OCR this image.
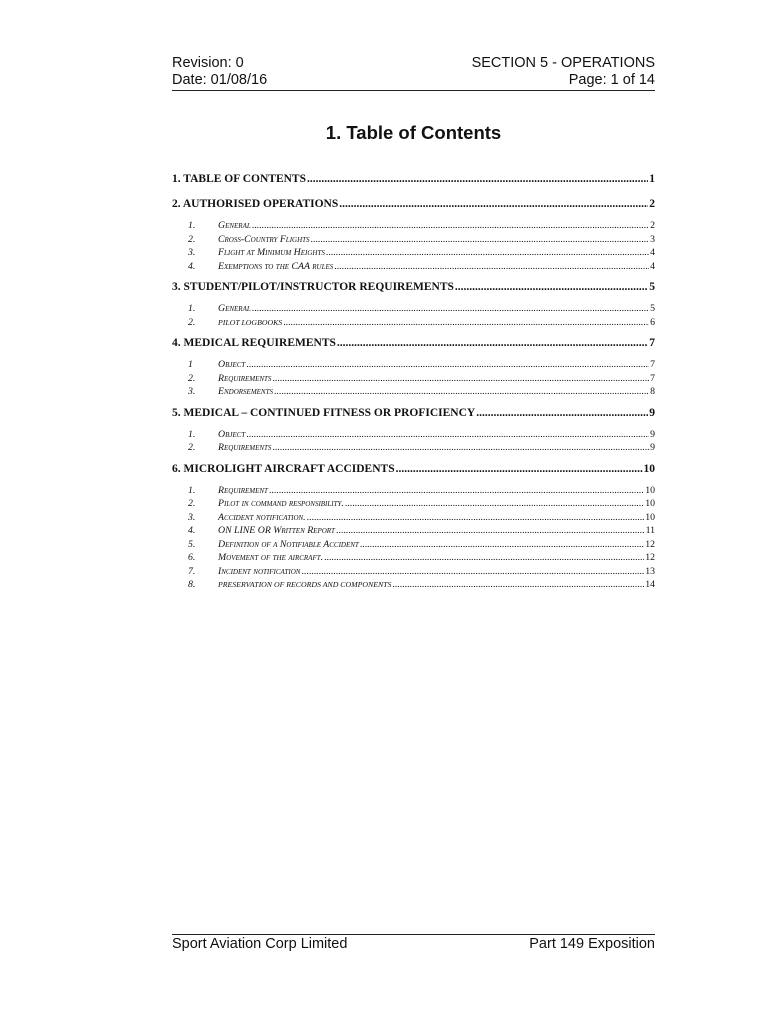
Revision: 0	SECTION 5 - OPERATIONS
Date: 01/08/16	Page: 1 of 14
1. Table of Contents
1. TABLE OF CONTENTS .....	1
2. AUTHORISED OPERATIONS .....	2
1.	General .....	2
2.	Cross-Country Flights .....	3
3.	Flight at Minimum Heights .....	4
4.	Exemptions to the CAA rules .....	4
3. STUDENT/PILOT/INSTRUCTOR REQUIREMENTS .....	5
1.	General .....	5
2.	PILOT LOGBOOKS .....	6
4. MEDICAL REQUIREMENTS .....	7
1	Object .....	7
2.	Requirements .....	7
3.	Endorsements .....	8
5. MEDICAL – CONTINUED FITNESS OR PROFICIENCY .....	9
1.	Object .....	9
2.	Requirements .....	9
6. MICROLIGHT AIRCRAFT ACCIDENTS .....	10
1.	Requirement .....	10
2.	Pilot in command responsibility. .....	10
3.	Accident notification. .....	10
4.	ON LINE OR Written Report .....	11
5.	Definition of a Notifiable Accident .....	12
6.	Movement of the aircraft. .....	12
7.	Incident notification .....	13
8.	PRESERVATION OF RECORDS AND COMPONENTS .....	14
Sport Aviation Corp Limited	Part 149 Exposition
